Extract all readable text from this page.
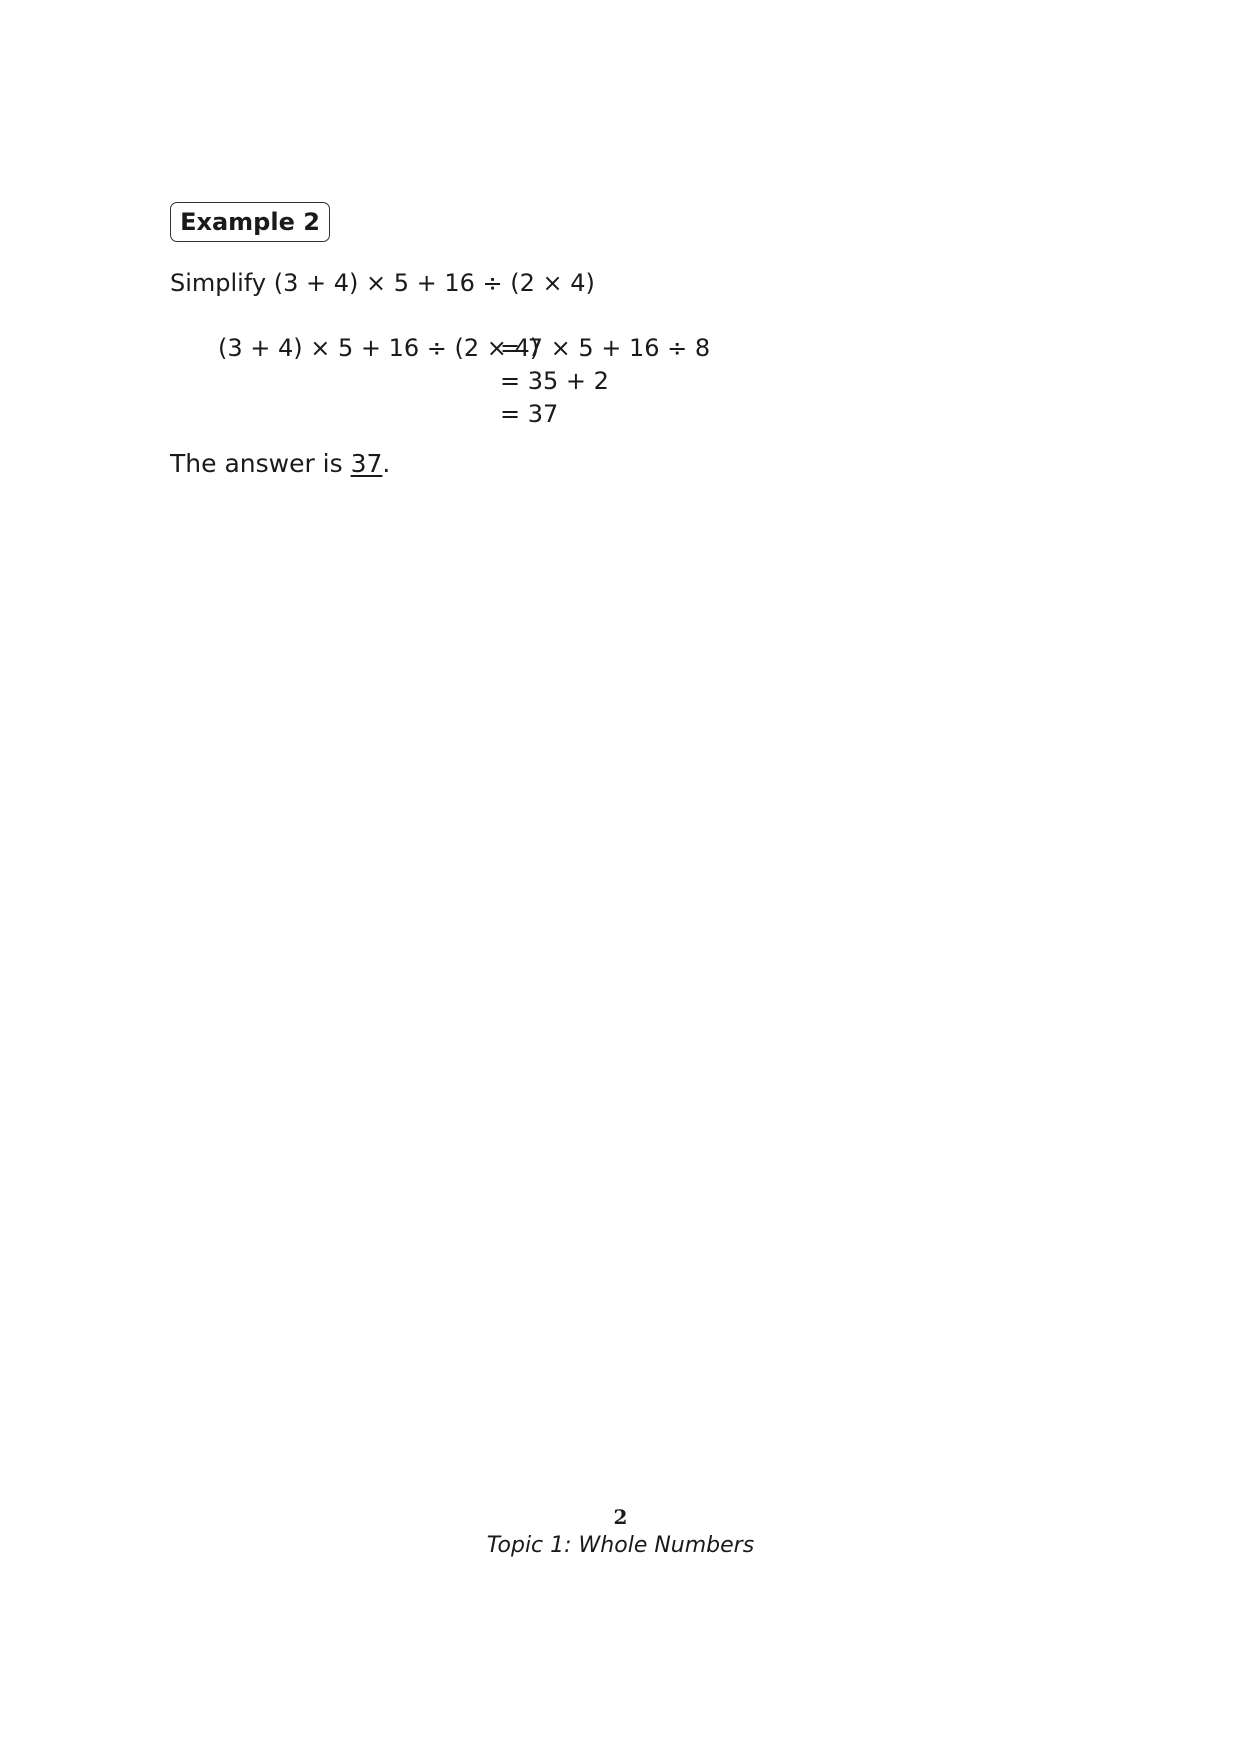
Example 2
Simplify (3 + 4) × 5 + 16 ÷ (2 × 4)
(3 + 4) × 5 + 16 ÷ (2 × 4)
= 7 × 5 + 16 ÷ 8
= 35 + 2
= 37
The answer is 37.
2
Topic 1: Whole Numbers
